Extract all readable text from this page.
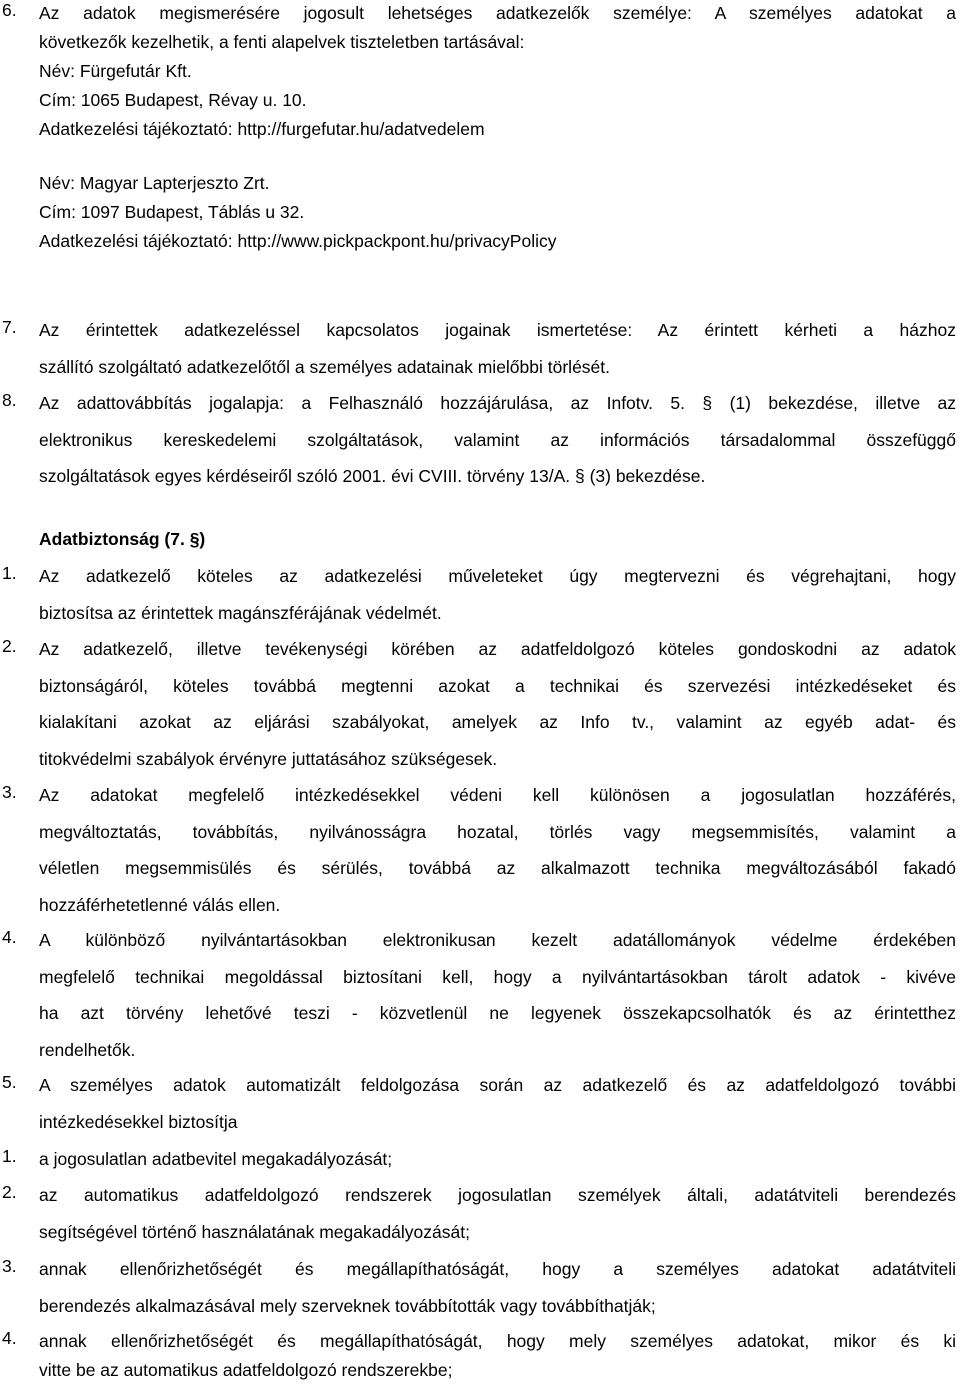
6. Az adatok megismerésére jogosult lehetséges adatkezelők személye: A személyes adatokat a
következők kezelhetik, a fenti alapelvek tiszteletben tartásával:
Név: Fürgefutár Kft.
Cím: 1065 Budapest, Révay u. 10.
Adatkezelési tájékoztató: http://furgefutar.hu/adatvedelem
Név: Magyar Lapterjeszto Zrt.
Cím: 1097 Budapest, Táblás u 32.
Adatkezelési tájékoztató: http://www.pickpackpont.hu/privacyPolicy
7. Az érintettek adatkezeléssel kapcsolatos jogainak ismertetése: Az érintett kérheti a házhoz
szállító szolgáltató adatkezelőtől a személyes adatainak mielőbbi törlését.
8. Az adattovábbítás jogalapja: a Felhasználó hozzájárulása, az Infotv. 5. § (1) bekezdése, illetve az
elektronikus kereskedelemi szolgáltatások, valamint az információs társadalommal összefüggő
szolgáltatások egyes kérdéseiről szóló 2001. évi CVIII. törvény 13/A. § (3) bekezdése.
Adatbiztonság (7. §)
1. Az adatkezelő köteles az adatkezelési műveleteket úgy megtervezni és végrehajtani, hogy
biztosítsa az érintettek magánszférájának védelmét.
2. Az adatkezelő, illetve tevékenységi körében az adatfeldolgozó köteles gondoskodni az adatok
biztonságáról, köteles továbbá megtenni azokat a technikai és szervezési intézkedéseket és
kialakítani azokat az eljárási szabályokat, amelyek az Info tv., valamint az egyéb adat- és
titokvédelmi szabályok érvényre juttatásához szükségesek.
3. Az adatokat megfelelő intézkedésekkel védeni kell különösen a jogosulatlan hozzáférés,
megváltoztatás, továbbítás, nyilvánosságra hozatal, törlés vagy megsemmisítés, valamint a
véletlen megsemmisülés és sérülés, továbbá az alkalmazott technika megváltozásából fakadó
hozzáférhetetlenné válás ellen.
4. A különböző nyilvántartásokban elektronikusan kezelt adatállományok védelme érdekében
megfelelő technikai megoldással biztosítani kell, hogy a nyilvántartásokban tárolt adatok - kivéve
ha azt törvény lehetővé teszi - közvetlenül ne legyenek összekapcsolhatók és az érintetthez
rendelhetők.
5. A személyes adatok automatizált feldolgozása során az adatkezelő és az adatfeldolgozó további
intézkedésekkel biztosítja
1. a jogosulatlan adatbevitel megakadályozását;
2. az automatikus adatfeldolgozó rendszerek jogosulatlan személyek általi, adatátviteli berendezés
segítségével történő használatának megakadályozását;
3. annak ellenőrizhetőségét és megállapíthatóságát, hogy a személyes adatokat adatátviteli
berendezés alkalmazásával mely szerveknek továbbították vagy továbbíthatják;
4. annak ellenőrizhetőségét és megállapíthatóságát, hogy mely személyes adatokat, mikor és ki
vitte be az automatikus adatfeldolgozó rendszerekbe;
